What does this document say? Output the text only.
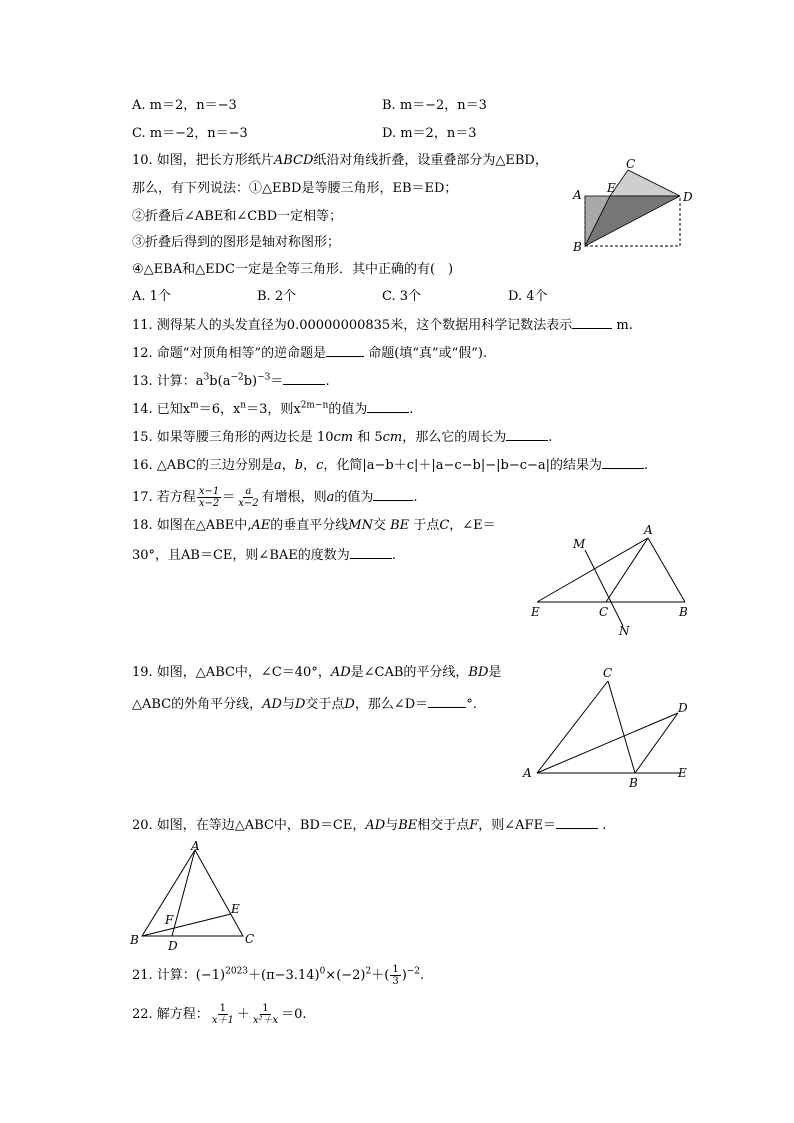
A. m＝2，n＝−3	B. m＝−2，n＝3
C. m＝−2，n＝−3	D. m＝2，n＝3
10. 如图，把长方形纸片ABCD纸沿对角线折叠，设重叠部分为△EBD，
那么，有下列说法：①△EBD是等腰三角形，EB＝ED；
②折叠后∠ABE和∠CBD一定相等；
③折叠后得到的图形是轴对称图形；
④△EBA和△EDC一定是全等三角形．其中正确的有(　)
A. 1个	B. 2个	C. 3个	D. 4个
A
B
C
D
E
11. 测得某人的头发直径为0.00000000835米，这个数据用科学记数法表示	m.
12. 命题“对顶角相等”的逆命题是	命题(填“真”或“假”).
13. 计算：$a^3b(a^{-2}b)^{-3}=$	.
14. 已知$x^m=6$，$x^n=3$，则$x^{2m-n}$的值为	.
15. 如果等腰三角形的两边长是 10cm 和 5cm，那么它的周长为	.
16. △ABC的三边分别是a，b，c，化简|a−b＋c|＋|a−c−b|−|b−c−a|的结果为	.
17. 若方程 $\frac{x-1}{x-2} = \frac{a}{x-2}$ 有增根，则a的值为	.
18. 如图在△ABE中,AE的垂直平分线MN交 BE 于点C，∠E＝
30°，且AB＝CE，则∠BAE的度数为	.
A
B
C
E
M
N
19. 如图，△ABC中，∠C＝40°，AD是∠CAB的平分线，BD是
△ABC的外角平分线，AD与D交于点D，那么∠D＝	°.
C
D
A
B
E
20. 如图，在等边△ABC中，BD＝CE，AD与BE相交于点F，则∠AFE＝	.
A
B	C
D
E
F
21. 计算：$(-1)^{2023}+(\pi-3.14)^0\times(-2)^2+( \frac{1}{3} )^{-2}$.
22. 解方程： $\frac{1}{x+1} + \frac{1}{\text{x²＋x}} =0$.
